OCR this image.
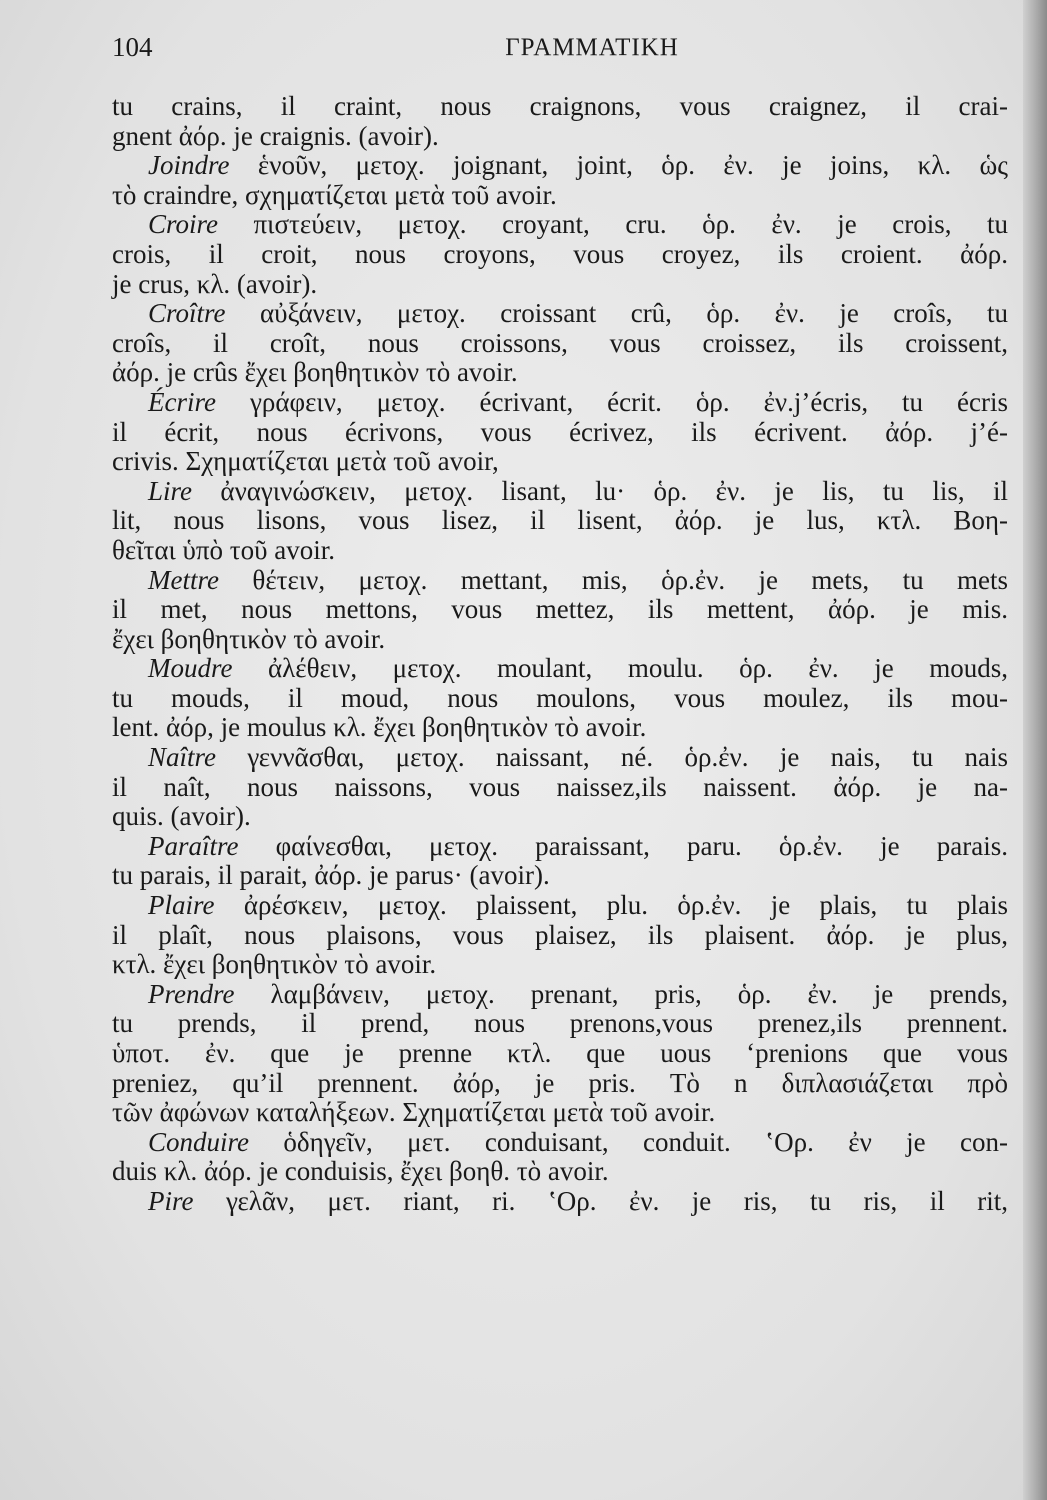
104	ΓΡΑΜΜΑΤΙΚΗ
tu crains, il craint, nous craignons, vous craignez, il crai-
gnent ἀόρ. je craignis. (avoir).
Joindre ἑνοῦν, μετοχ. joignant, joint, ὁρ. ἐν. je joins, κλ. ὡς
τὸ craindre, σχηματίζεται μετὰ τοῦ avoir.
Croire πιστεύειν, μετοχ. croyant, cru. ὁρ. ἐν. je crois, tu
crois, il croit, nous croyons, vous croyez, ils croient. ἀόρ.
je crus, κλ. (avoir).
Croître αὐξάνειν, μετοχ. croissant crû, ὁρ. ἐν. je croîs, tu
croîs, il croît, nous croissons, vous croissez, ils croissent,
ἀόρ. je crûs ἔχει βοηθητικὸν τὸ avoir.
Écrire γράφειν, μετοχ. écrivant, écrit. ὁρ. ἐν.j’écris, tu écris
il écrit, nous écrivons, vous écrivez, ils écrivent. ἀόρ. j’é-
crivis. Σχηματίζεται μετὰ τοῦ avoir,
Lire ἀναγινώσκειν, μετοχ. lisant, lu· ὁρ. ἐν. je lis, tu lis, il
lit, nous lisons, vous lisez, il lisent, ἀόρ. je lus, κτλ. Βοη-
θεῖται ὑπὸ τοῦ avoir.
Mettre θέτειν, μετοχ. mettant, mis, ὁρ.ἐν. je mets, tu mets
il met, nous mettons, vous mettez, ils mettent, ἀόρ. je mis.
ἔχει βοηθητικὸν τὸ avoir.
Moudre ἀλέθειν, μετοχ. moulant, moulu. ὁρ. ἐν. je mouds,
tu mouds, il moud, nous moulons, vous moulez, ils mou-
lent. ἀόρ, je moulus κλ. ἔχει βοηθητικὸν τὸ avoir.
Naître γεννᾶσθαι, μετοχ. naissant, né. ὁρ.ἐν. je nais, tu nais
il naît, nous naissons, vous naissez,ils naissent. ἀόρ. je na-
quis. (avoir).
Paraître φαίνεσθαι, μετοχ. paraissant, paru. ὁρ.ἐν. je parais.
tu parais, il parait, ἀόρ. je parus· (avoir).
Plaire ἀρέσκειν, μετοχ. plaissent, plu. ὁρ.ἐν. je plais, tu plais
il plaît, nous plaisons, vous plaisez, ils plaisent. ἀόρ. je plus,
κτλ. ἔχει βοηθητικὸν τὸ avoir.
Prendre λαμβάνειν, μετοχ. prenant, pris, ὁρ. ἐν. je prends,
tu prends, il prend, nous prenons,vous prenez,ils prennent.
ὑποτ. ἐν. que je prenne κτλ. que uous ‘prenions que vous
preniez, qu’il prennent. ἀόρ, je pris. Τὸ n διπλασιάζεται πρὸ
τῶν ἀφώνων καταλήξεων. Σχηματίζεται μετὰ τοῦ avoir.
Conduire ὁδηγεῖν, μετ. conduisant, conduit. ʽΟρ. ἐν je con-
duis κλ. ἀόρ. je conduisis, ἔχει βοηθ. τὸ avoir.
Pire γελᾶν, μετ. riant, ri. ʽΟρ. ἐν. je ris, tu ris, il rit,
